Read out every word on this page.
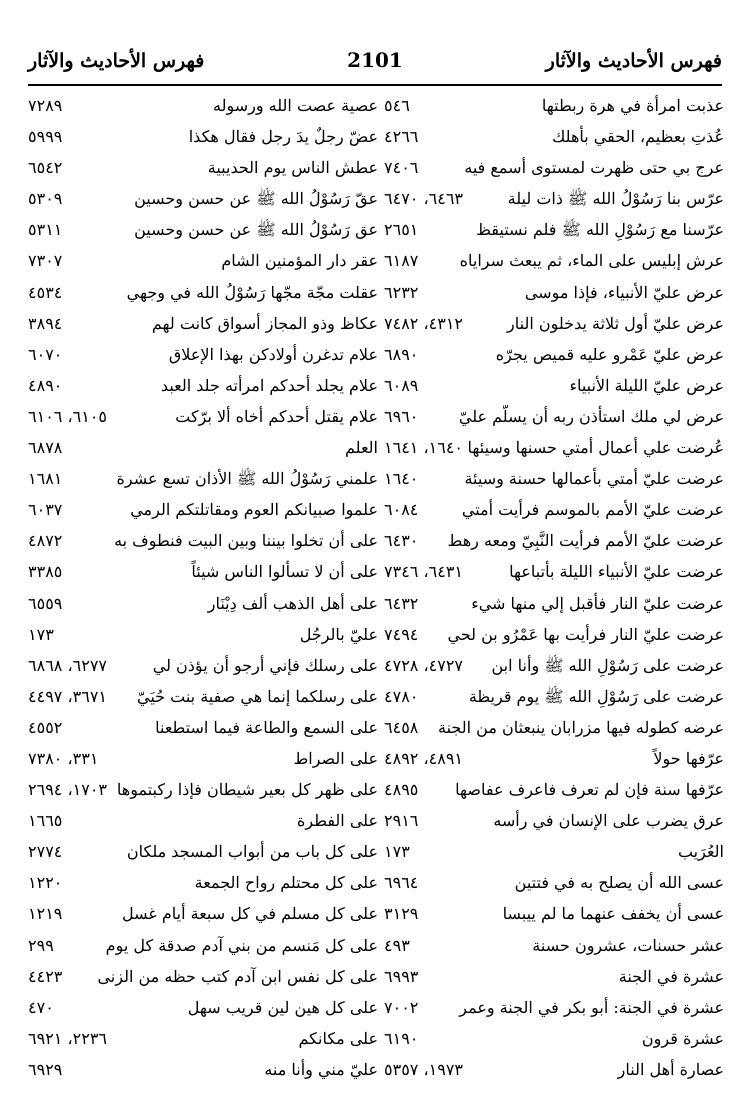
فهرس الأحاديث والآثار
2101
فهرس الأحاديث والآثار
عذبت امرأة في هرة ربطتها
٥٤٦
عُذتِ بعظيم، الحقي بأهلك
٤٢٦٦
عرج بي حتى ظهرت لمستوى أسمع فيه
٧٤٠٦
عرّس بنا رَسُوْلُ الله ﷺ ذات ليلة
٦٤٦٣، ٦٤٧٠
عرّسنا مع رَسُوْلِ الله ﷺ فلم نستيقظ
٢٦٥١
عرش إبليس على الماء، ثم يبعث سراياه
٦١٨٧
عرض عليّ الأنبياء، فإذا موسى
٦٢٣٢
عرض عليّ أول ثلاثة يدخلون النار
٤٣١٢، ٧٤٨٢
عرض عليّ عَمْرو عليه قميص يجرّه
٦٨٩٠
عرض عليّ الليلة الأنبياء
٦٠٨٩
عرض لي ملك استأذن ربه أن يسلّم عليّ
٦٩٦٠
عُرضت علي أعمال أمتي حسنها وسيئها
١٦٤٠، ١٦٤١
عرضت عليّ أمتي بأعمالها حسنة وسيئة
١٦٤٠
عرضت عليّ الأمم بالموسم فرأيت أمتي
٦٠٨٤
عرضت عليّ الأمم فرأيت النَّبِيّ ومعه رهط
٦٤٣٠
عرضت عليّ الأنبياء الليلة بأتباعها
٦٤٣١، ٧٣٤٦
عرضت عليّ النار فأقبل إلي منها شيء
٦٤٣٢
عرضت عليّ النار فرأيت بها عَمْرُو بن لحي
٧٤٩٤
عرضت على رَسُوْلِ الله ﷺ وأنا ابن
٤٧٢٧، ٤٧٢٨
عرضت على رَسُوْلِ الله ﷺ يوم قريظة
٤٧٨٠
عرضه كطوله فيها مزرابان ينبعثان من الجنة
٦٤٥٨
عرّفها حولاً
٤٨٩١، ٤٨٩٢
عرّفها سنة فإن لم تعرف فاعرف عفاصها
٤٨٩٥
عرق يضرب على الإنسان في رأسه
٢٩١٦
العُرَيب
١٧٣
عسى الله أن يصلح به في فتتين
٦٩٦٤
عسى أن يخفف عنهما ما لم ييبسا
٣١٢٩
عشر حسنات، عشرون حسنة
٤٩٣
عشرة في الجنة
٦٩٩٣
عشرة في الجنة: أبو بكر في الجنة وعمر
٧٠٠٢
عشرة قرون
٦١٩٠
عصارة أهل النار
١٩٧٣، ٥٣٥٧
عصية عصت الله ورسوله
٧٢٨٩
عضّ رجلٌ يدَ رجل فقال هكذا
٥٩٩٩
عطش الناس يوم الحديبية
٦٥٤٢
عقّ رَسُوْلُ الله ﷺ عن حسن وحسين
٥٣٠٩
عق رَسُوْلُ الله ﷺ عن حسن وحسين
٥٣١١
عقر دار المؤمنين الشام
٧٣٠٧
عقلت مجّة مجّها رَسُوْلُ الله في وجهي
٤٥٣٤
عكاظ وذو المجاز أسواق كانت لهم
٣٨٩٤
علام تدغرن أولادكن بهذا الإعلاق
٦٠٧٠
علام يجلد أحدكم امرأته جلد العبد
٤٨٩٠
علام يقتل أحدكم أخاه ألا برّكت
٦١٠٥، ٦١٠٦
العلم
٦٨٧٨
علمني رَسُوْلُ الله ﷺ الأذان تسع عشرة
١٦٨١
علموا صبيانكم العوم ومقاتلتكم الرمي
٦٠٣٧
على أن تخلوا بيننا وبين البيت فنطوف به
٤٨٧٢
على أن لا تسألوا الناس شيئاً
٣٣٨٥
على أهل الذهب ألف دِيْنَار
٦٥٥٩
عليّ بالرجُل
١٧٣
على رسلك فإني أرجو أن يؤذن لي
٦٢٧٧، ٦٨٦٨
على رسلكما إنما هي صفية بنت حُيَيّ
٣٦٧١، ٤٤٩٧
على السمع والطاعة فيما استطعنا
٤٥٥٢
على الصراط
٣٣١، ٧٣٨٠
على ظهر كل بعير شيطان فإذا ركبتموها
١٧٠٣، ٢٦٩٤
على الفطرة
١٦٦٥
على كل باب من أبواب المسجد ملكان
٢٧٧٤
على كل محتلم رواح الجمعة
١٢٢٠
على كل مسلم في كل سبعة أيام غسل
١٢١٩
على كل مَنسم من بني آدم صدقة كل يوم
٢٩٩
على كل نفس ابن آدم كتب حظه من الزنى
٤٤٢٣
على كل هين لين قريب سهل
٤٧٠
على مكانكم
٢٢٣٦، ٦٩٢١
عليّ مني وأنا منه
٦٩٢٩
